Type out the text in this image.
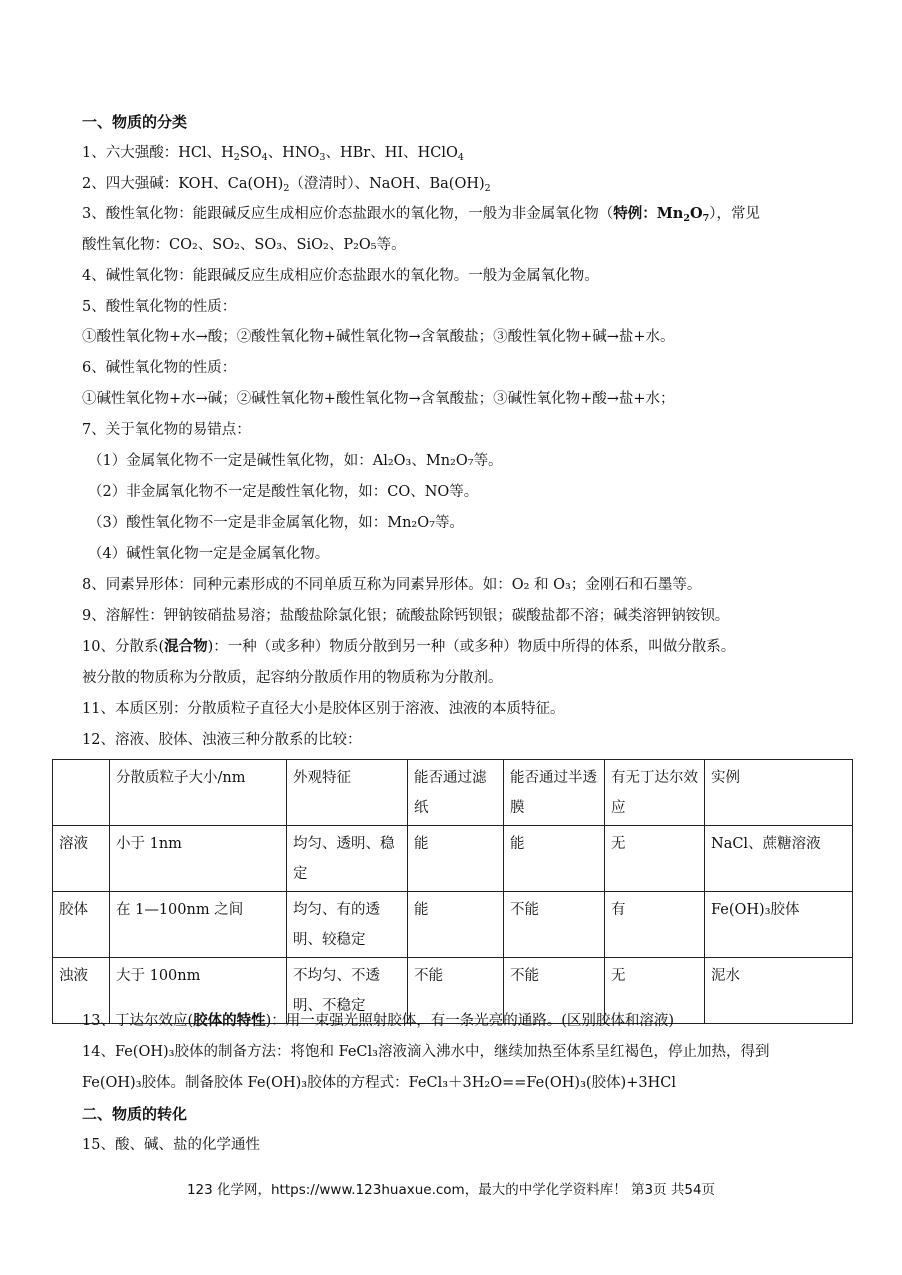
一、物质的分类
1、六大强酸：HCl、$H_2SO_4$、$HNO_3$、HBr、HI、HClO$_4$
2、四大强碱：KOH、$Ca(OH)_2$（澄清时）、NaOH、$Ba(OH)_2$
3、酸性氧化物：能跟碱反应生成相应价态盐跟水的氧化物，一般为非金属氧化物（特例：$Mn_2O_7$），常见
酸性氧化物：CO₂、SO₂、SO₃、SiO₂、P₂O₅等。
4、碱性氧化物：能跟碱反应生成相应价态盐跟水的氧化物。一般为金属氧化物。
5、酸性氧化物的性质：
①酸性氧化物+水→酸；②酸性氧化物+碱性氧化物→含氧酸盐；③酸性氧化物+碱→盐+水。
6、碱性氧化物的性质：
①碱性氧化物+水→碱；②碱性氧化物+酸性氧化物→含氧酸盐；③碱性氧化物+酸→盐+水；
7、关于氧化物的易错点：
（1）金属氧化物不一定是碱性氧化物，如：Al₂O₃、Mn₂O₇等。
（2）非金属氧化物不一定是酸性氧化物，如：CO、NO等。
（3）酸性氧化物不一定是非金属氧化物，如：Mn₂O₇等。
（4）碱性氧化物一定是金属氧化物。
8、同素异形体：同种元素形成的不同单质互称为同素异形体。如：O₂ 和 O₃；金刚石和石墨等。
9、溶解性：钾钠铵硝盐易溶；盐酸盐除氯化银；硫酸盐除钙钡银；碳酸盐都不溶；碱类溶钾钠铵钡。
10、分散系(混合物)：一种（或多种）物质分散到另一种（或多种）物质中所得的体系，叫做分散系。
被分散的物质称为分散质，起容纳分散质作用的物质称为分散剂。
11、本质区别：分散质粒子直径大小是胶体区别于溶液、浊液的本质特征。
12、溶液、胶体、浊液三种分散系的比较：
	分散质粒子大小/nm	外观特征	能否通过滤纸	能否通过半透膜	有无丁达尔效应	实例
溶液	小于 1nm	均匀、透明、稳定	能	能	无	NaCl、蔗糖溶液
胶体	在 1—100nm 之间	均匀、有的透明、较稳定	能	不能	有	Fe(OH)₃胶体
浊液	大于 100nm	不均匀、不透明、不稳定	不能	不能	无	泥水
13、丁达尔效应(胶体的特性)：用一束强光照射胶体，有一条光亮的通路。(区别胶体和溶液)
14、Fe(OH)₃胶体的制备方法：将饱和 FeCl₃溶液滴入沸水中，继续加热至体系呈红褐色，停止加热，得到
Fe(OH)₃胶体。制备胶体 Fe(OH)₃胶体的方程式：FeCl₃＋3H₂O==Fe(OH)₃(胶体)+3HCl
二、物质的转化
15、酸、碱、盐的化学通性
123 化学网，https://www.123huaxue.com，最大的中学化学资料库！ 第3页 共54页
